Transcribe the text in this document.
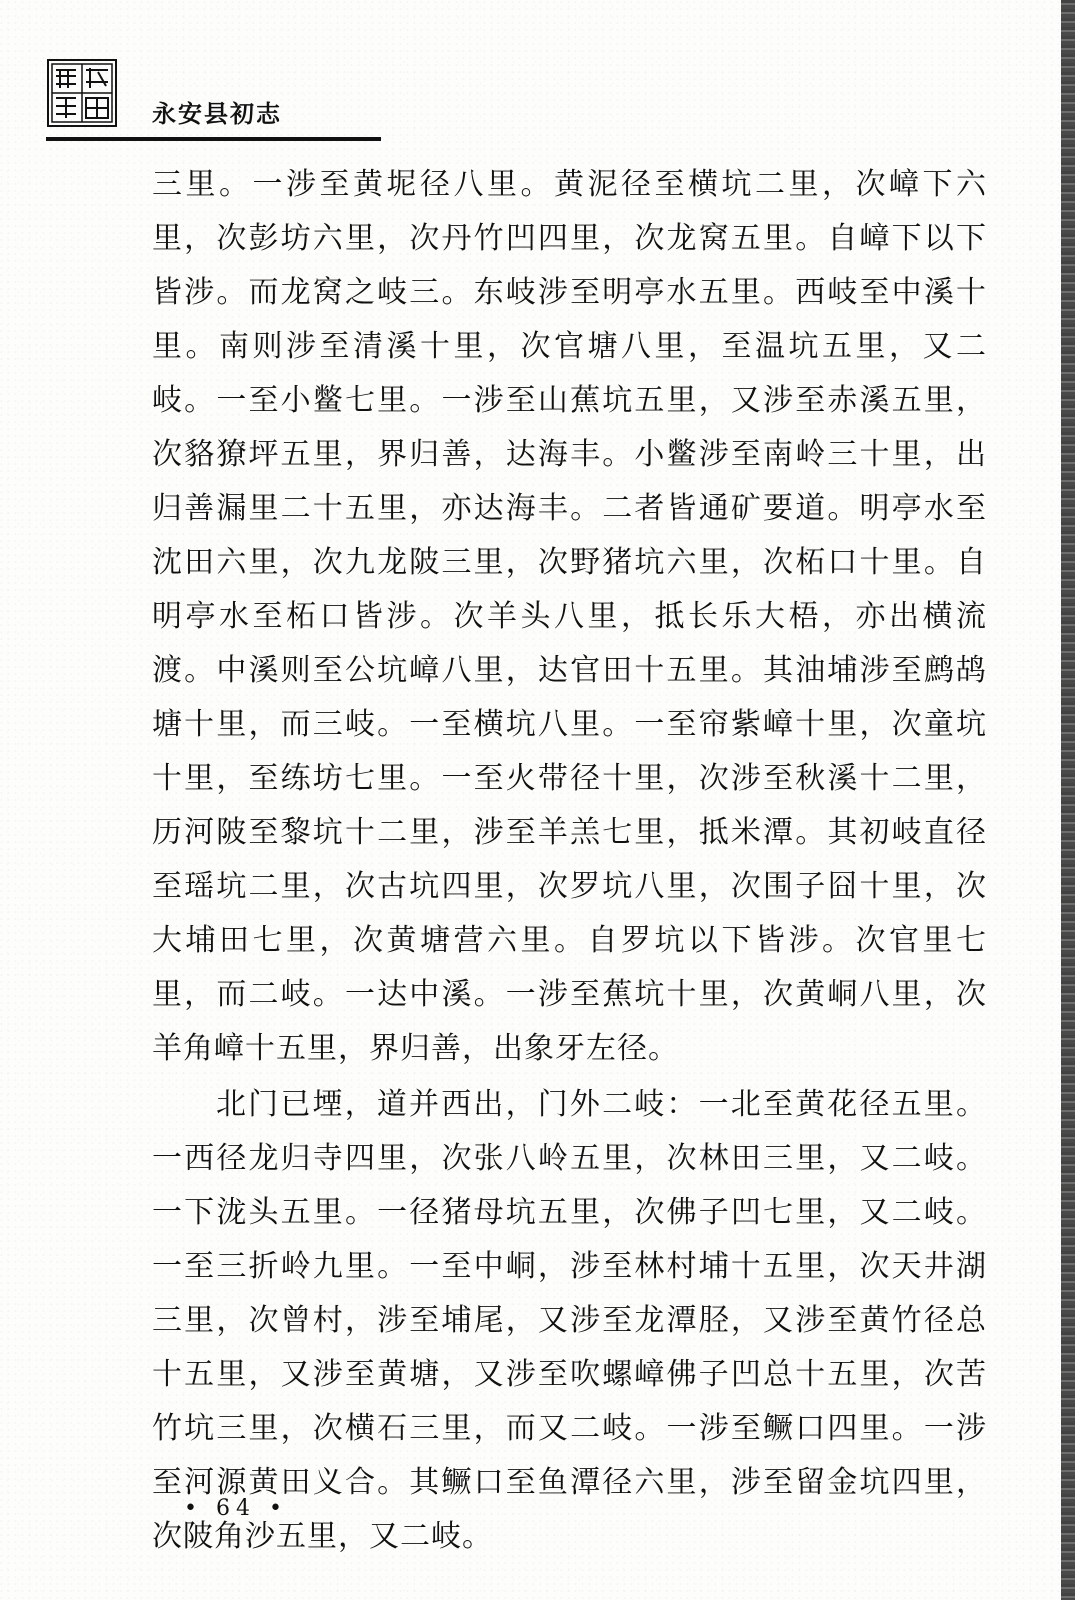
永安县初志

三里。一涉至黄坭径八里。黄泥径至横坑二里，次嶂下六里，次彭坊六里，次丹竹凹四里，次龙窝五里。自嶂下以下皆涉。而龙窝之岐三。东岐涉至明亭水五里。西岐至中溪十里。南则涉至清溪十里，次官塘八里，至温坑五里，又二岐。一至小鳖七里。一涉至山蕉坑五里，又涉至赤溪五里，次貉獠坪五里，界归善，达海丰。小鳖涉至南岭三十里，出归善漏里二十五里，亦达海丰。二者皆通矿要道。明亭水至沈田六里，次九龙陂三里，次野猪坑六里，次柘口十里。自明亭水至柘口皆涉。次羊头八里，抵长乐大梧，亦出横流渡。中溪则至公坑嶂八里，达官田十五里。其油埔涉至鹧鸪塘十里，而三岐。一至横坑八里。一至帘紫嶂十里，次童坑十里，至练坊七里。一至火带径十里，次涉至秋溪十二里，历河陂至黎坑十二里，涉至羊羔七里，抵米潭。其初岐直径至瑶坑二里，次古坑四里，次罗坑八里，次围子囧十里，次大埔田七里，次黄塘营六里。自罗坑以下皆涉。次官里七里，而二岐。一达中溪。一涉至蕉坑十里，次黄峒八里，次羊角嶂十五里，界归善，出象牙左径。

北门已堙，道并西出，门外二岐：一北至黄花径五里。一西径龙归寺四里，次张八岭五里，次林田三里，又二岐。一下泷头五里。一径猪母坑五里，次佛子凹七里，又二岐。一至三折岭九里。一至中峒，涉至林村埔十五里，次天井湖三里，次曾村，涉至埔尾，又涉至龙潭胫，又涉至黄竹径总十五里，又涉至黄塘，又涉至吹螺嶂佛子凹总十五里，次苦竹坑三里，次横石三里，而又二岐。一涉至鳜口四里。一涉至河源黄田义合。其鳜口至鱼潭径六里，涉至留金坑四里，次陂角沙五里，又二岐。

• 64 •
